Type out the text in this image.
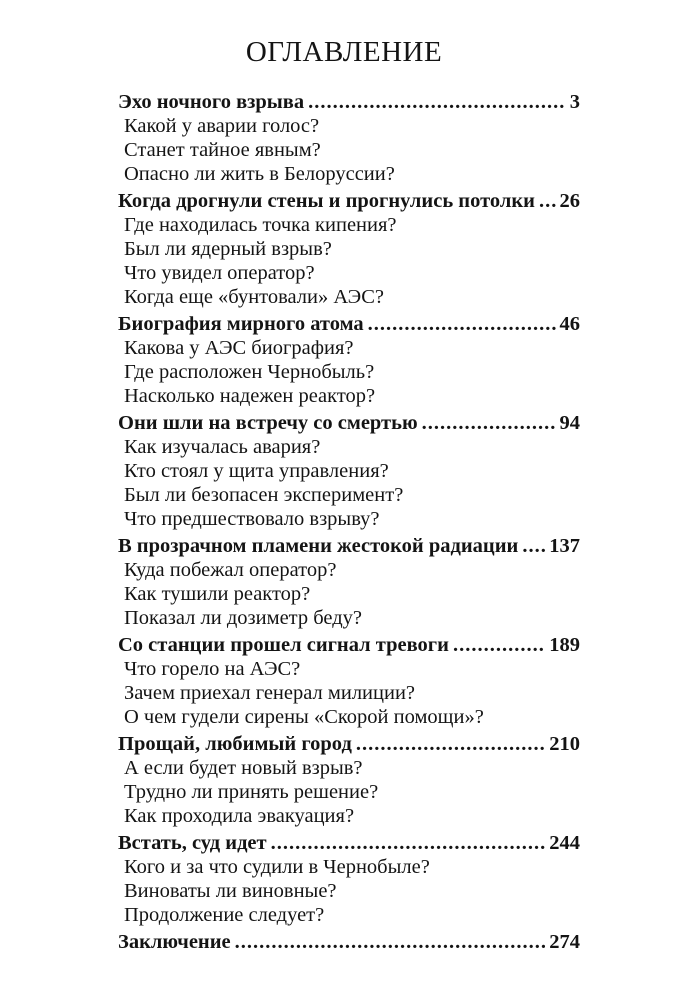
ОГЛАВЛЕНИЕ
Эхо ночного взрыва .....	3
Какой у аварии голос?
Станет тайное явным?
Опасно ли жить в Белоруссии?
Когда дрогнули стены и прогнулись потолки ..... 26
Где находилась точка кипения?
Был ли ядерный взрыв?
Что увидел оператор?
Когда еще «бунтовали» АЭС?
Биография мирного атома .....	46
Какова у АЭС биография?
Где расположен Чернобыль?
Насколько надежен реактор?
Они шли на встречу со смертью .....	94
Как изучалась авария?
Кто стоял у щита управления?
Был ли безопасен эксперимент?
Что предшествовало взрыву?
В прозрачном пламени жестокой радиации ..... 137
Куда побежал оператор?
Как тушили реактор?
Показал ли дозиметр беду?
Со станции прошел сигнал тревоги .....	189
Что горело на АЭС?
Зачем приехал генерал милиции?
О чем гудели сирены «Скорой помощи»?
Прощай, любимый город .....	210
А если будет новый взрыв?
Трудно ли принять решение?
Как проходила эвакуация?
Встать, суд идет .....	244
Кого и за что судили в Чернобыле?
Виноваты ли виновные?
Продолжение следует?
Заключение .....	274
